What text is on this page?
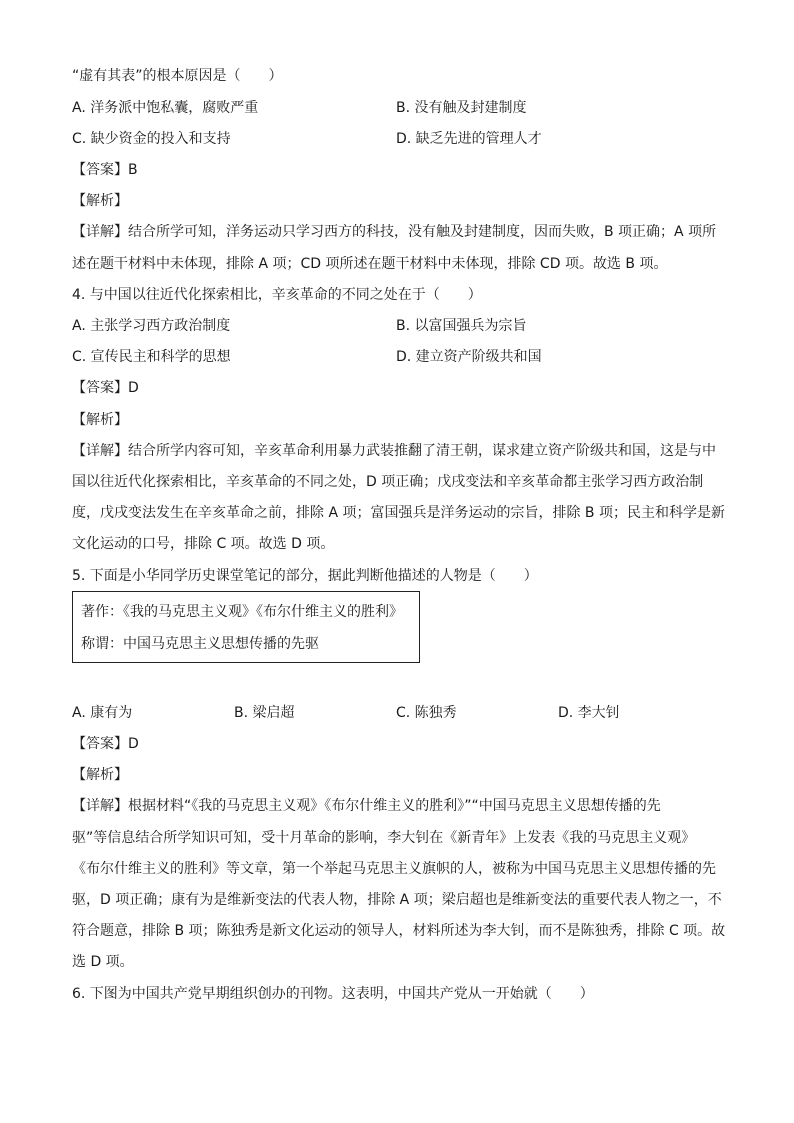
“虚有其表”的根本原因是（　　）
A. 洋务派中饱私囊，腐败严重	B. 没有触及封建制度
C. 缺少资金的投入和支持	D. 缺乏先进的管理人才
【答案】B
【解析】
【详解】结合所学可知，洋务运动只学习西方的科技，没有触及封建制度，因而失败，B 项正确；A 项所
述在题干材料中未体现，排除 A 项；CD 项所述在题干材料中未体现，排除 CD 项。故选 B 项。
4. 与中国以往近代化探索相比，辛亥革命的不同之处在于（　　）
A. 主张学习西方政治制度	B. 以富国强兵为宗旨
C. 宣传民主和科学的思想	D. 建立资产阶级共和国
【答案】D
【解析】
【详解】结合所学内容可知，辛亥革命利用暴力武装推翻了清王朝，谋求建立资产阶级共和国，这是与中
国以往近代化探索相比，辛亥革命的不同之处，D 项正确；戊戌变法和辛亥革命都主张学习西方政治制
度，戊戌变法发生在辛亥革命之前，排除 A 项；富国强兵是洋务运动的宗旨，排除 B 项；民主和科学是新
文化运动的口号，排除 C 项。故选 D 项。
5. 下面是小华同学历史课堂笔记的部分，据此判断他描述的人物是（　　）
著作：《我的马克思主义观》《布尔什维主义的胜利》
称谓：中国马克思主义思想传播的先驱
A. 康有为	B. 梁启超	C. 陈独秀	D. 李大钊
【答案】D
【解析】
【详解】根据材料“《我的马克思主义观》《布尔什维主义的胜利》”“中国马克思主义思想传播的先
驱”等信息结合所学知识可知，受十月革命的影响，李大钊在《新青年》上发表《我的马克思主义观》
《布尔什维主义的胜利》等文章，第一个举起马克思主义旗帜的人，被称为中国马克思主义思想传播的先
驱，D 项正确；康有为是维新变法的代表人物，排除 A 项；梁启超也是维新变法的重要代表人物之一，不
符合题意，排除 B 项；陈独秀是新文化运动的领导人，材料所述为李大钊，而不是陈独秀，排除 C 项。故
选 D 项。
6. 下图为中国共产党早期组织创办的刊物。这表明，中国共产党从一开始就（　　）
